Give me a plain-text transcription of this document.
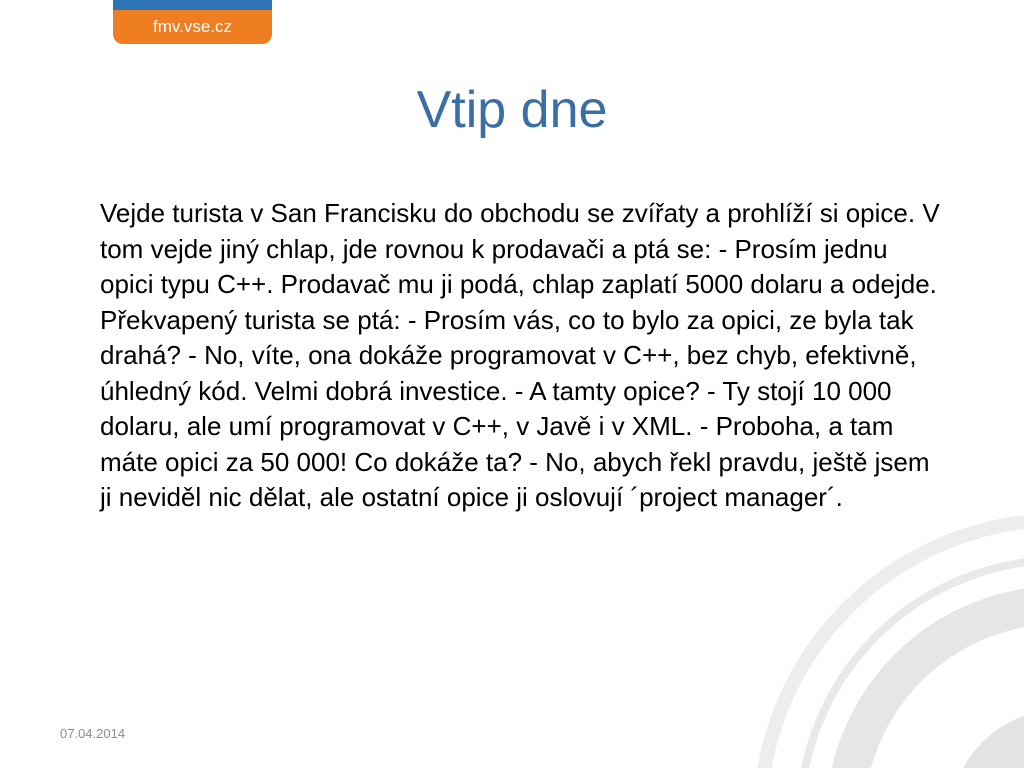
fmv.vse.cz
Vtip dne
Vejde turista v San Francisku do obchodu se zvířaty a prohlíží si opice. V tom vejde jiný chlap, jde rovnou k prodavači a ptá se: - Prosím jednu opici typu C++. Prodavač mu ji podá, chlap zaplatí 5000 dolaru a odejde. Překvapený turista se ptá: - Prosím vás, co to bylo za opici, ze byla tak drahá? - No, víte, ona dokáže programovat v C++, bez chyb, efektivně, úhledný kód. Velmi dobrá investice. - A tamty opice? - Ty stojí 10 000 dolaru, ale umí programovat v C++, v Javě i v XML. - Proboha, a tam máte opici za 50 000! Co dokáže ta? - No, abych řekl pravdu, ještě jsem ji neviděl nic dělat, ale ostatní opice ji oslovují ´project manager´.
07.04.2014
